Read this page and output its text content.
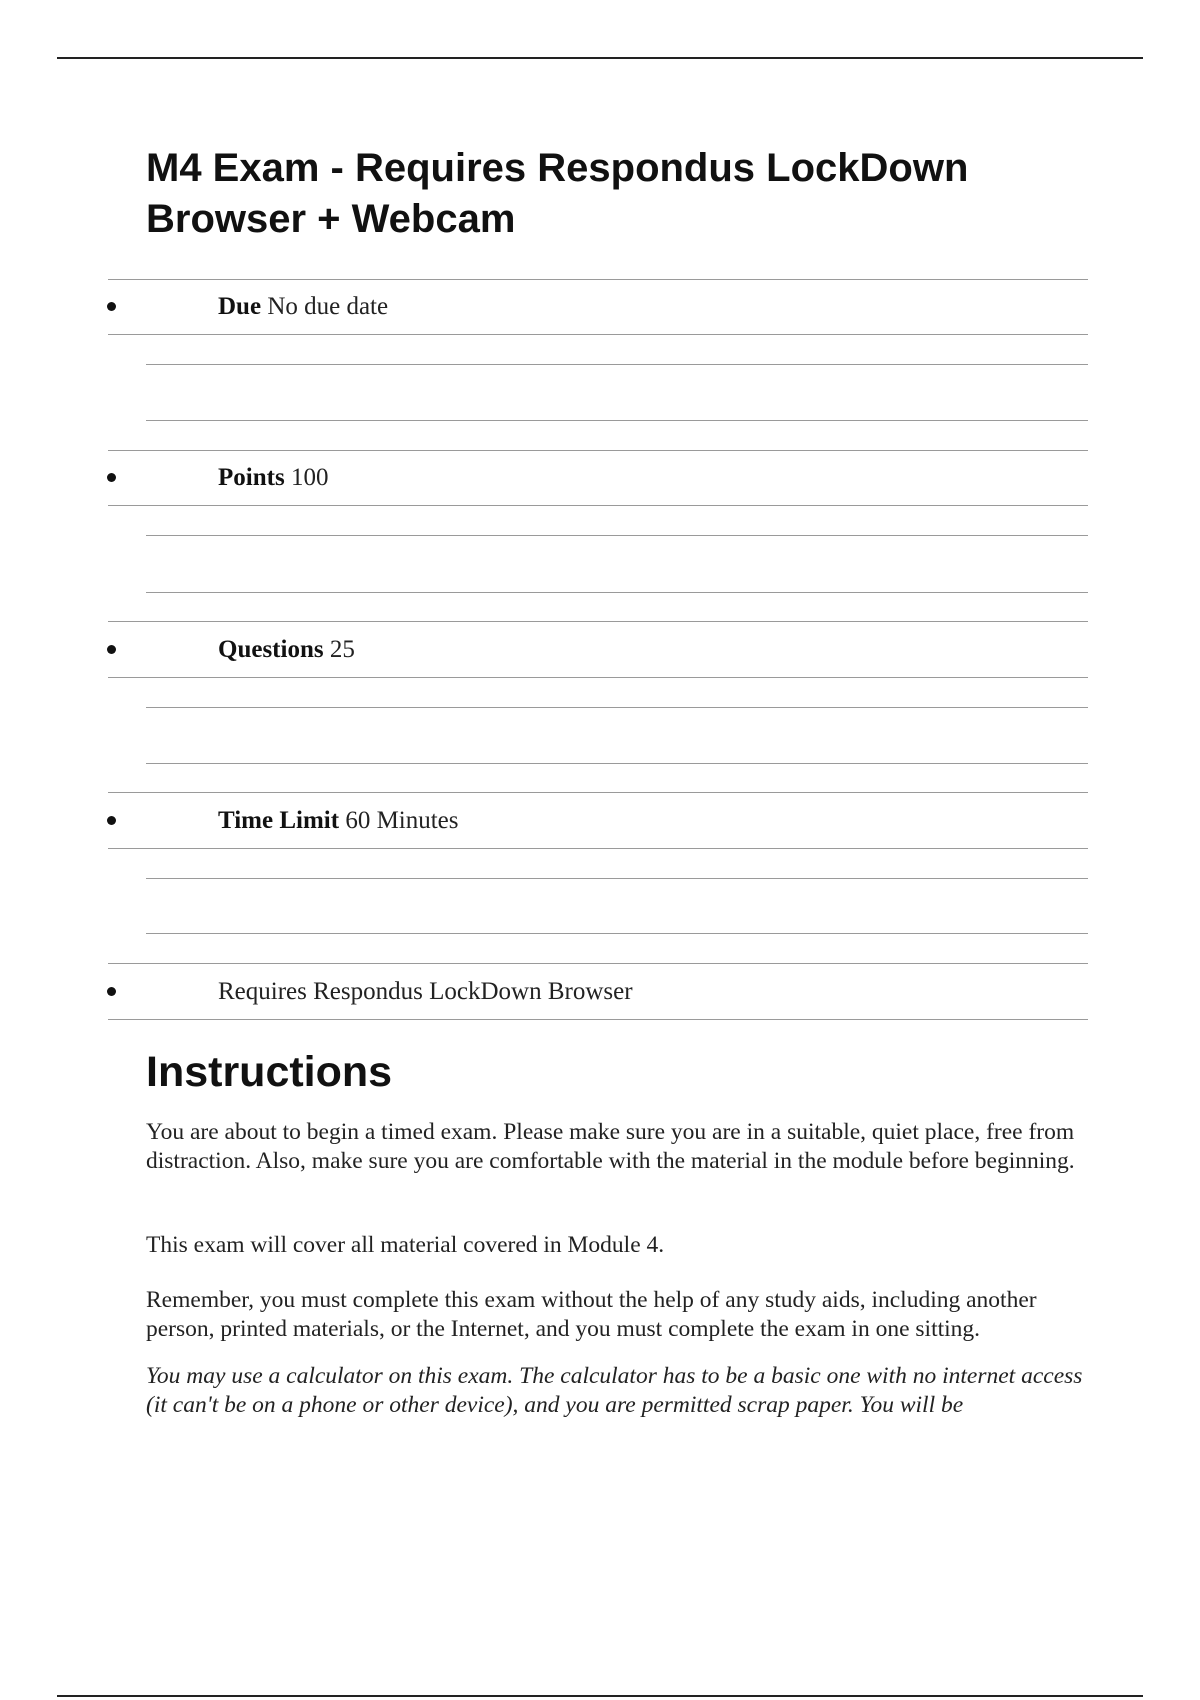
M4 Exam - Requires Respondus LockDown Browser + Webcam
Due No due date
Points 100
Questions 25
Time Limit 60 Minutes
Requires Respondus LockDown Browser
Instructions

You are about to begin a timed exam. Please make sure you are in a suitable, quiet place, free from distraction. Also, make sure you are comfortable with the material in the module before beginning.

This exam will cover all material covered in Module 4.

Remember, you must complete this exam without the help of any study aids, including another person, printed materials, or the Internet, and you must complete the exam in one sitting.

You may use a calculator on this exam. The calculator has to be a basic one with no internet access (it can't be on a phone or other device), and you are permitted scrap paper. You will be
